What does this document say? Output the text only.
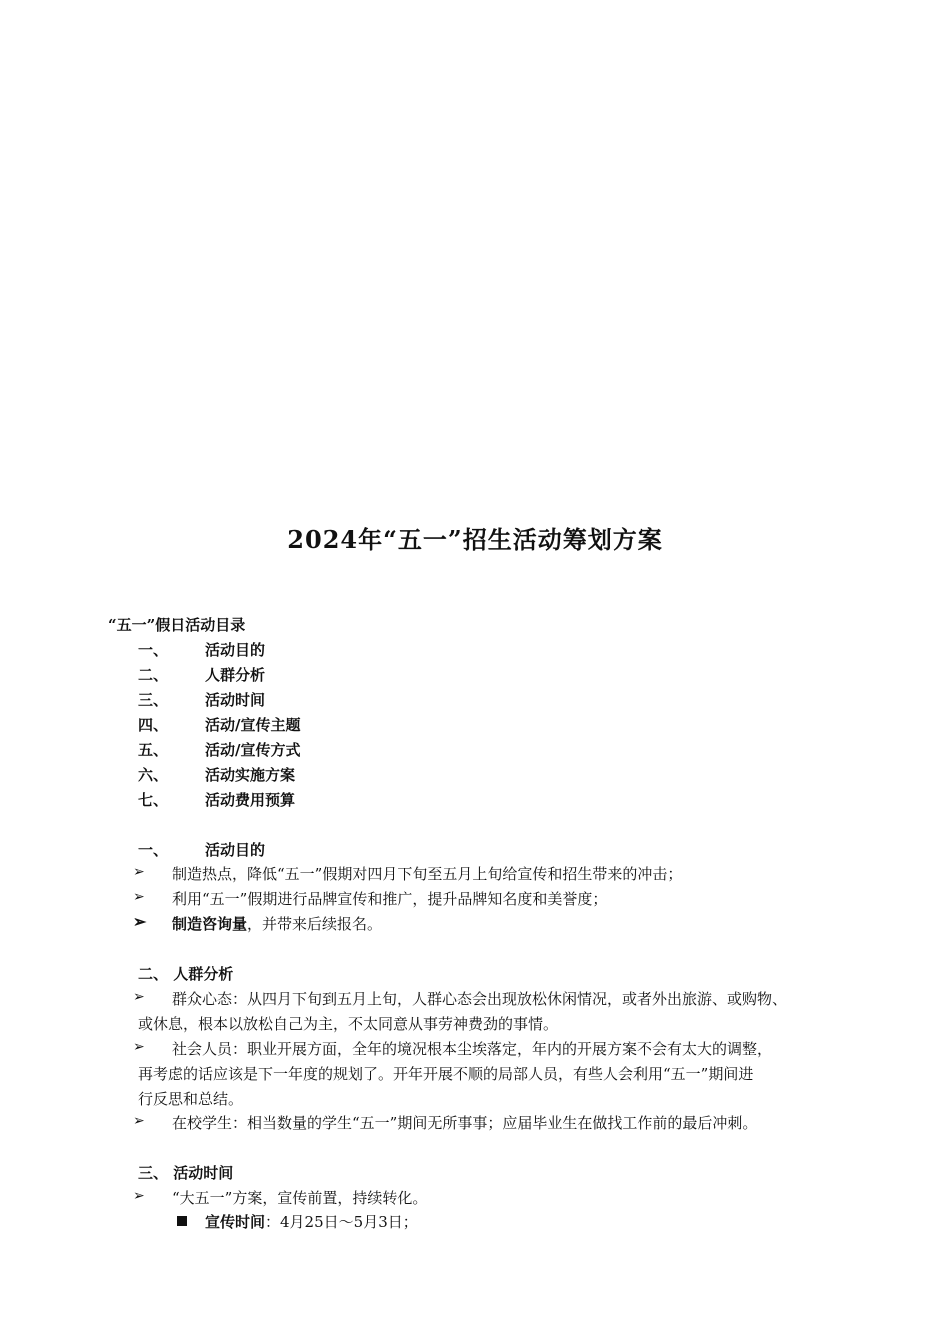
2024年“五一”招生活动筹划方案
“五一”假日活动目录
一、 活动目的
二、 人群分析
三、 活动时间
四、 活动/宣传主题
五、 活动/宣传方式
六、 活动实施方案
七、 活动费用预算
一、 活动目的
➢ 制造热点，降低“五一”假期对四月下旬至五月上旬给宣传和招生带来的冲击；
➢ 利用“五一”假期进行品牌宣传和推广，提升品牌知名度和美誉度；
➢ 制造咨询量，并带来后续报名。
二、 人群分析
➢ 群众心态：从四月下旬到五月上旬，人群心态会出现放松休闲情况，或者外出旅游、或购物、
或休息，根本以放松自己为主，不太同意从事劳神费劲的事情。
➢ 社会人员：职业开展方面，全年的境况根本尘埃落定，年内的开展方案不会有太大的调整，
再考虑的话应该是下一年度的规划了。开年开展不顺的局部人员，有些人会利用“五一”期间进
行反思和总结。
➢ 在校学生：相当数量的学生“五一”期间无所事事；应届毕业生在做找工作前的最后冲刺。
三、 活动时间
➢ “大五一”方案，宣传前置，持续转化。
宣传时间：4月25日～5月3日；
